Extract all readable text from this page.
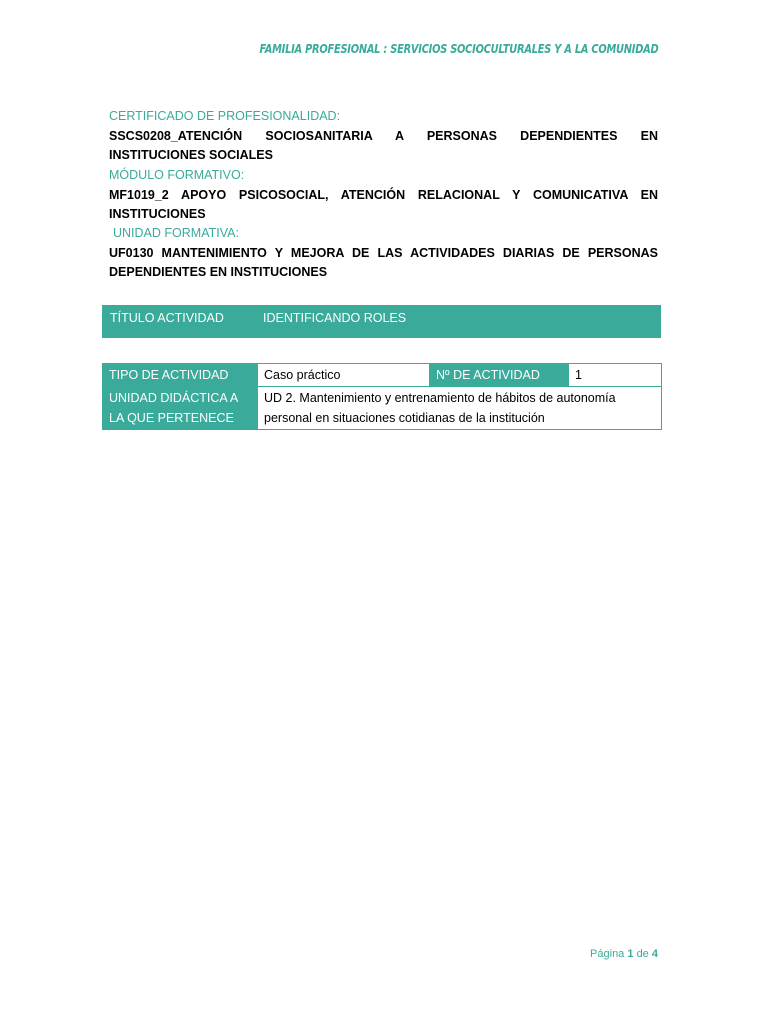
FAMILIA PROFESIONAL : SERVICIOS SOCIOCULTURALES Y A LA COMUNIDAD
CERTIFICADO DE PROFESIONALIDAD:
SSCS0208_ATENCIÓN SOCIOSANITARIA A PERSONAS DEPENDIENTES EN INSTITUCIONES SOCIALES
MÓDULO FORMATIVO:
MF1019_2 APOYO PSICOSOCIAL, ATENCIÓN RELACIONAL Y COMUNICATIVA EN INSTITUCIONES
UNIDAD FORMATIVA:
UF0130 MANTENIMIENTO Y MEJORA DE LAS ACTIVIDADES DIARIAS DE PERSONAS DEPENDIENTES EN INSTITUCIONES
TÍTULO ACTIVIDAD	IDENTIFICANDO ROLES
TIPO DE ACTIVIDAD	Caso práctico	Nº DE ACTIVIDAD	1
UNIDAD DIDÁCTICA A LA QUE PERTENECE	UD 2. Mantenimiento y entrenamiento de hábitos de autonomía personal en situaciones cotidianas de la institución		
Página 1 de 4
